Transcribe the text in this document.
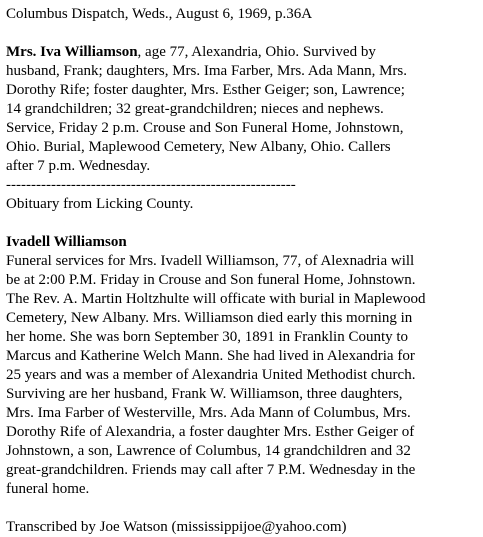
Columbus Dispatch, Weds., August 6, 1969, p.36A
Mrs. Iva Williamson, age 77, Alexandria, Ohio. Survived by
husband, Frank; daughters, Mrs. Ima Farber, Mrs. Ada Mann, Mrs.
Dorothy Rife; foster daughter, Mrs. Esther Geiger; son, Lawrence;
14 grandchildren; 32 great-grandchildren; nieces and nephews.
Service, Friday 2 p.m. Crouse and Son Funeral Home, Johnstown,
Ohio. Burial, Maplewood Cemetery, New Albany, Ohio. Callers
after 7 p.m. Wednesday.
----------------------------------------------------------
Obituary from Licking County.
Ivadell Williamson
Funeral services for Mrs. Ivadell Williamson, 77, of Alexnadria will
be at 2:00 P.M. Friday in Crouse and Son funeral Home, Johnstown.
The Rev. A. Martin Holtzhulte will officate with burial in Maplewood
Cemetery, New Albany. Mrs. Williamson died early this morning in
her home. She was born September 30, 1891 in Franklin County to
Marcus and Katherine Welch Mann. She had lived in Alexandria for
25 years and was a member of Alexandria United Methodist church.
Surviving are her husband, Frank W. Williamson, three daughters,
Mrs. Ima Farber of Westerville, Mrs. Ada Mann of Columbus, Mrs.
Dorothy Rife of Alexandria, a foster daughter Mrs. Esther Geiger of
Johnstown, a son, Lawrence of Columbus, 14 grandchildren and 32
great-grandchildren. Friends may call after 7 P.M. Wednesday in the
funeral home.
Transcribed by Joe Watson (mississippijoe@yahoo.com)
